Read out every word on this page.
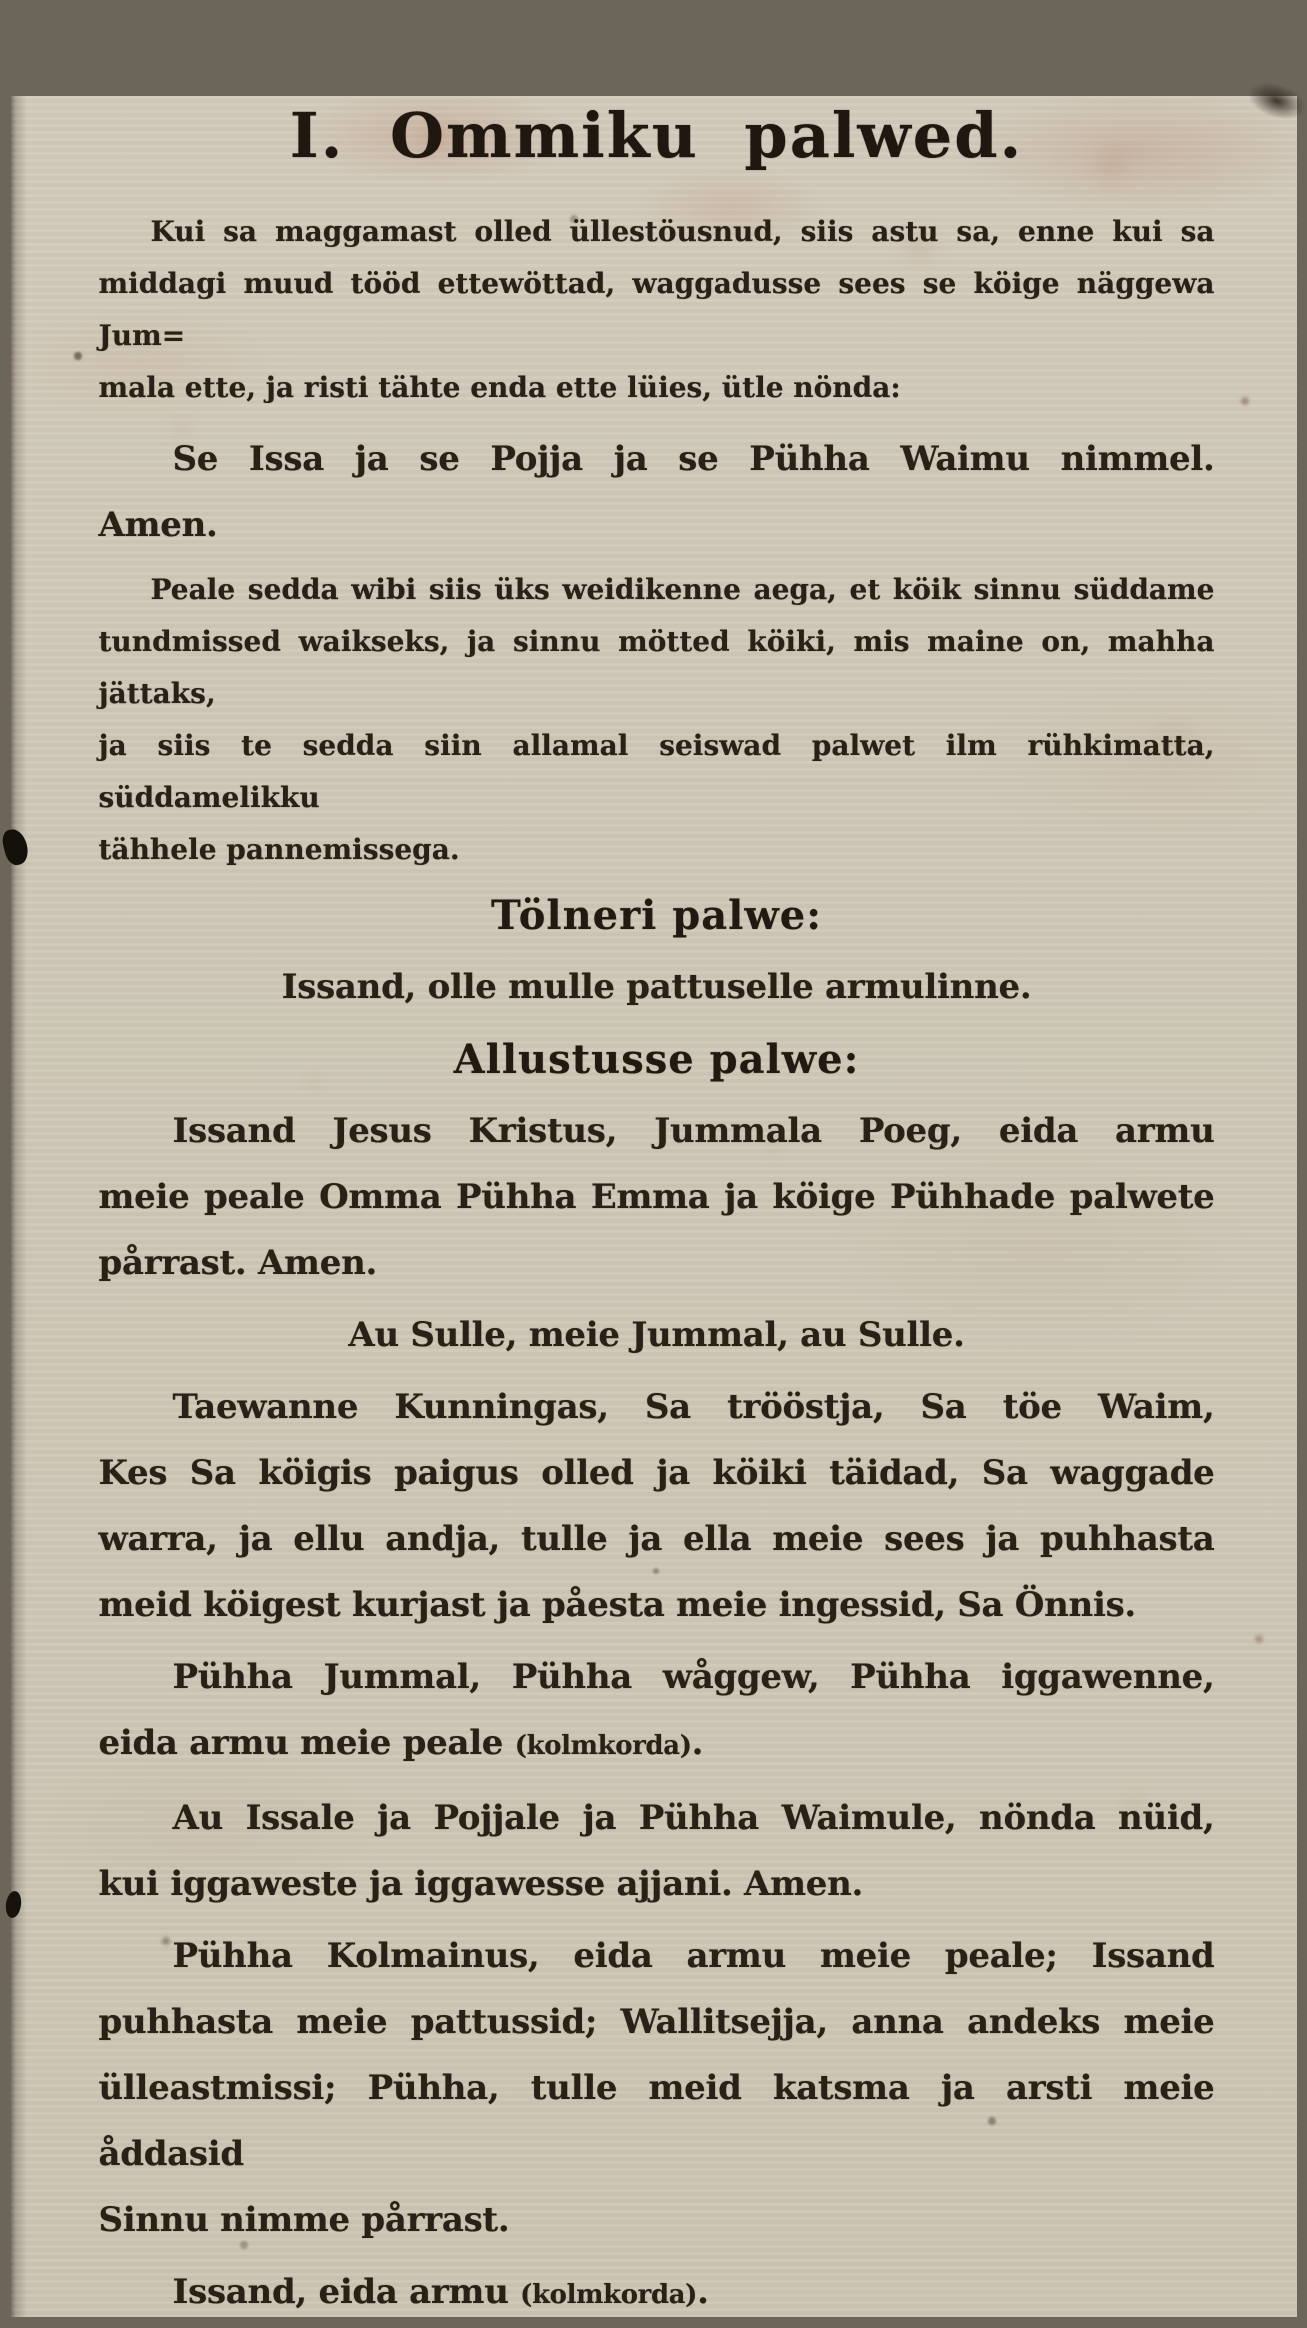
I. Ommiku palwed.
Kui sa maggamast olled üllestöusnud, siis astu sa, enne kui sa
middagi muud tööd ettewöttad, waggadusse sees se köige näggewa Jum=
mala ette, ja risti tähte enda ette lüies, ütle nönda:
Se Issa ja se Pojja ja se Pühha Waimu nimmel.
Amen.
Peale sedda wibi siis üks weidikenne aega, et köik sinnu süddame
tundmissed waikseks, ja sinnu mötted köiki, mis maine on, mahha jättaks,
ja siis te sedda siin allamal seiswad palwet ilm rühkimatta, süddamelikku
tähhele pannemissega.
Tölneri palwe:
Issand, olle mulle pattuselle armulinne.
Allustusse palwe:
Issand Jesus Kristus, Jummala Poeg, eida armu
meie peale Omma Pühha Emma ja köige Pühhade palwete
pårrast. Amen.
Au Sulle, meie Jummal, au Sulle.
Taewanne Kunningas, Sa trööstja, Sa töe Waim,
Kes Sa köigis paigus olled ja köiki täidad, Sa waggade
warra, ja ellu andja, tulle ja ella meie sees ja puhhasta
meid köigest kurjast ja påesta meie ingessid, Sa Önnis.
Pühha Jummal, Pühha wåggew, Pühha iggawenne,
eida armu meie peale (kolmkorda).
Au Issale ja Pojjale ja Pühha Waimule, nönda nüid,
kui iggaweste ja iggawesse ajjani. Amen.
Pühha Kolmainus, eida armu meie peale; Issand
puhhasta meie pattussid; Wallitsejja, anna andeks meie
ülleastmissi; Pühha, tulle meid katsma ja arsti meie åddasid
Sinnu nimme pårrast.
Issand, eida armu (kolmkorda).
